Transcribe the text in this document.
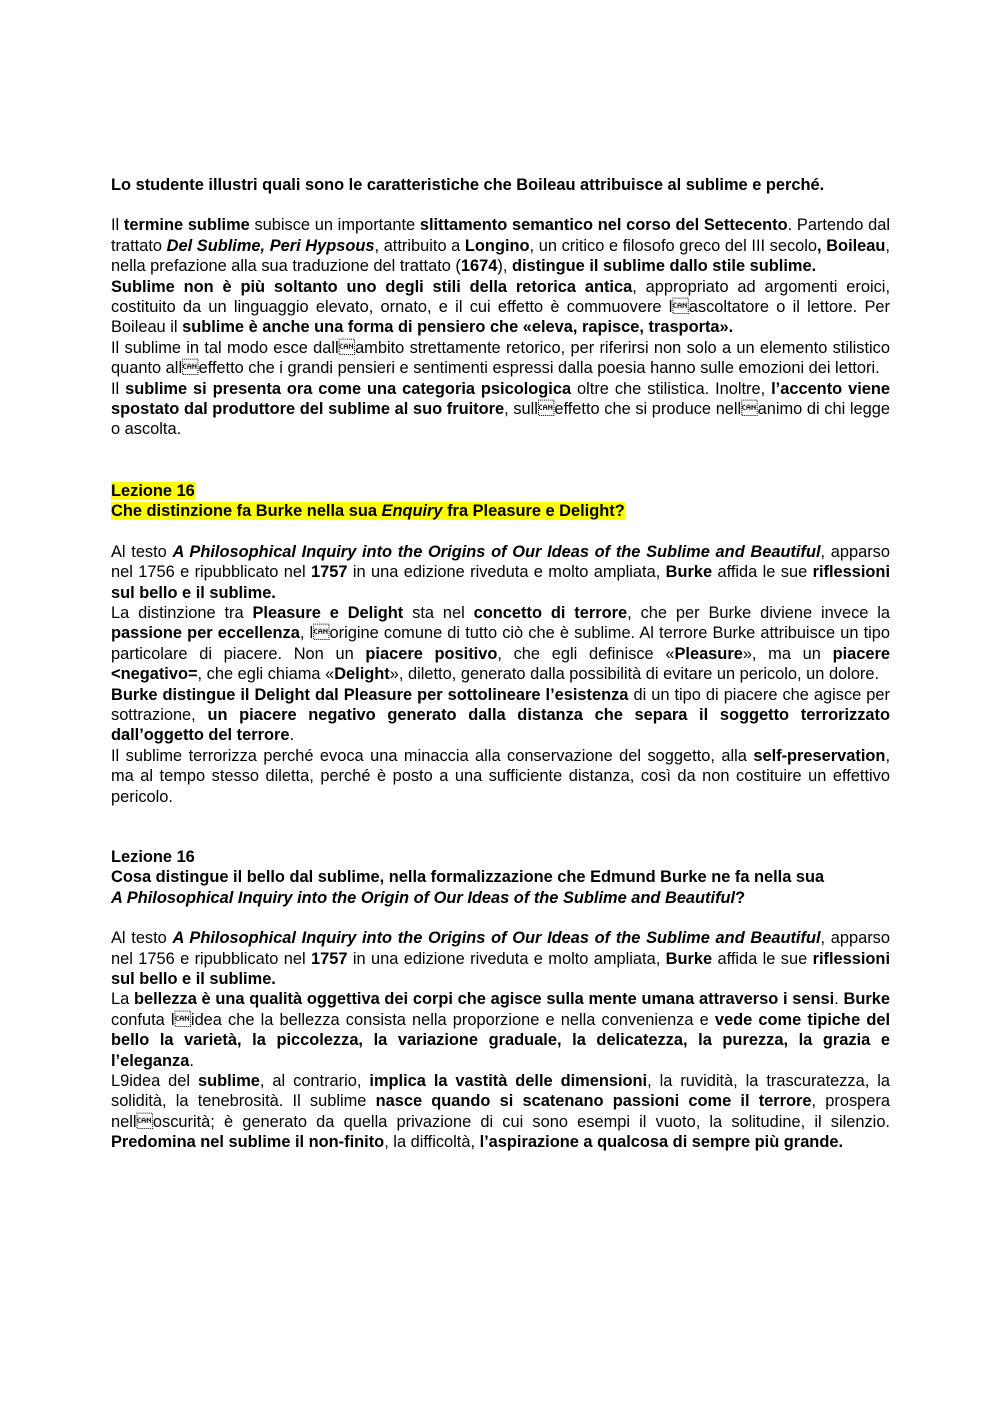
Lo studente illustri quali sono le caratteristiche che Boileau attribuisce al sublime e perché.

Il termine sublime subisce un importante slittamento semantico nel corso del Settecento. Partendo dal trattato Del Sublime, Peri Hypsous, attribuito a Longino, un critico e filosofo greco del III secolo, Boileau, nella prefazione alla sua traduzione del trattato (1674), distingue il sublime dallo stile sublime.

Sublime non è più soltanto uno degli stili della retorica antica, appropriato ad argomenti eroici, costituito da un linguaggio elevato, ornato, e il cui effetto è commuovere lascoltatore o il lettore. Per Boileau il sublime è anche una forma di pensiero che «eleva, rapisce, trasporta».

Il sublime in tal modo esce dallambito strettamente retorico, per riferirsi non solo a un elemento stilistico quanto alleffetto che i grandi pensieri e sentimenti espressi dalla poesia hanno sulle emozioni dei lettori.

Il sublime si presenta ora come una categoria psicologica oltre che stilistica. Inoltre, l’accento viene spostato dal produttore del sublime al suo fruitore, sulleffetto che si produce nellanimo di chi legge o ascolta.

Lezione 16

Che distinzione fa Burke nella sua Enquiry fra Pleasure e Delight?

Al testo A Philosophical Inquiry into the Origins of Our Ideas of the Sublime and Beautiful, apparso nel 1756 e ripubblicato nel 1757 in una edizione riveduta e molto ampliata, Burke affida le sue riflessioni sul bello e il sublime.

La distinzione tra Pleasure e Delight sta nel concetto di terrore, che per Burke diviene invece la passione per eccellenza, lorigine comune di tutto ciò che è sublime. Al terrore Burke attribuisce un tipo particolare di piacere. Non un piacere positivo, che egli definisce «Pleasure», ma un piacere <negativo=, che egli chiama «Delight», diletto, generato dalla possibilità di evitare un pericolo, un dolore.

Burke distingue il Delight dal Pleasure per sottolineare l’esistenza di un tipo di piacere che agisce per sottrazione, un piacere negativo generato dalla distanza che separa il soggetto terrorizzato dall’oggetto del terrore.

Il sublime terrorizza perché evoca una minaccia alla conservazione del soggetto, alla self-preservation, ma al tempo stesso diletta, perché è posto a una sufficiente distanza, così da non costituire un effettivo pericolo.

Lezione 16

Cosa distingue il bello dal sublime, nella formalizzazione che Edmund Burke ne fa nella sua
A Philosophical Inquiry into the Origin of Our Ideas of the Sublime and Beautiful?

Al testo A Philosophical Inquiry into the Origins of Our Ideas of the Sublime and Beautiful, apparso nel 1756 e ripubblicato nel 1757 in una edizione riveduta e molto ampliata, Burke affida le sue riflessioni sul bello e il sublime.

La bellezza è una qualità oggettiva dei corpi che agisce sulla mente umana attraverso i sensi. Burke confuta lidea che la bellezza consista nella proporzione e nella convenienza e vede come tipiche del bello la varietà, la piccolezza, la variazione graduale, la delicatezza, la purezza, la grazia e l’eleganza.

L9idea del sublime, al contrario, implica la vastità delle dimensioni, la ruvidità, la trascuratezza, la solidità, la tenebrosità. Il sublime nasce quando si scatenano passioni come il terrore, prospera nelloscurità; è generato da quella privazione di cui sono esempi il vuoto, la solitudine, il silenzio. Predomina nel sublime il non-finito, la difficoltà, l’aspirazione a qualcosa di sempre più grande.
